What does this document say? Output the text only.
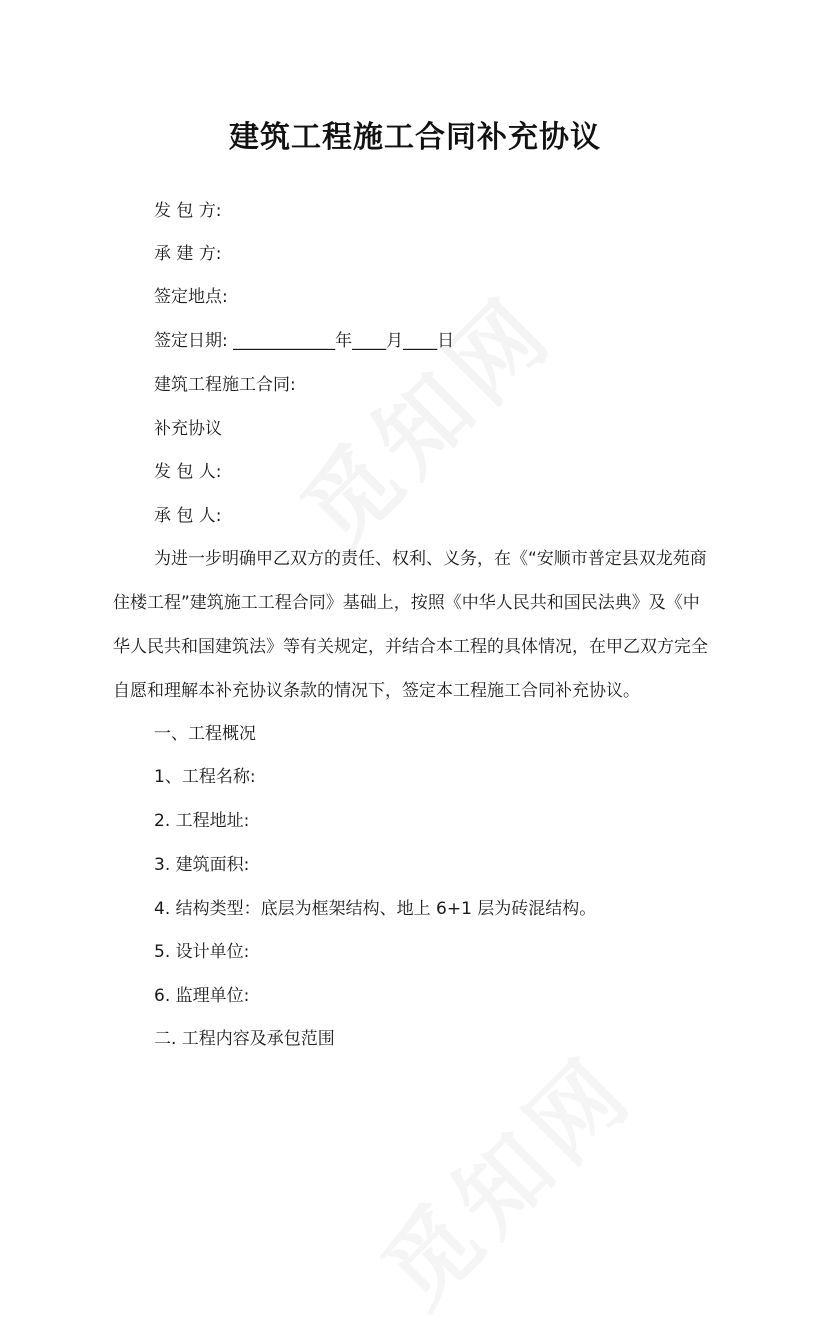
建筑工程施工合同补充协议
发 包 方:
承 建 方:
签定地点:
签定日期: ____________年____月____日
建筑工程施工合同:
补充协议
发 包 人:
承 包 人:
为进一步明确甲乙双方的责任、权利、义务，在《“安顺市普定县双龙苑商
住楼工程”建筑施工工程合同》基础上，按照《中华人民共和国民法典》及《中
华人民共和国建筑法》等有关规定，并结合本工程的具体情况，在甲乙双方完全
自愿和理解本补充协议条款的情况下，签定本工程施工合同补充协议。
一、工程概况
1、工程名称:
2. 工程地址:
3. 建筑面积:
4. 结构类型：底层为框架结构、地上 6+1 层为砖混结构。
5. 设计单位:
6. 监理单位:
二. 工程内容及承包范围
